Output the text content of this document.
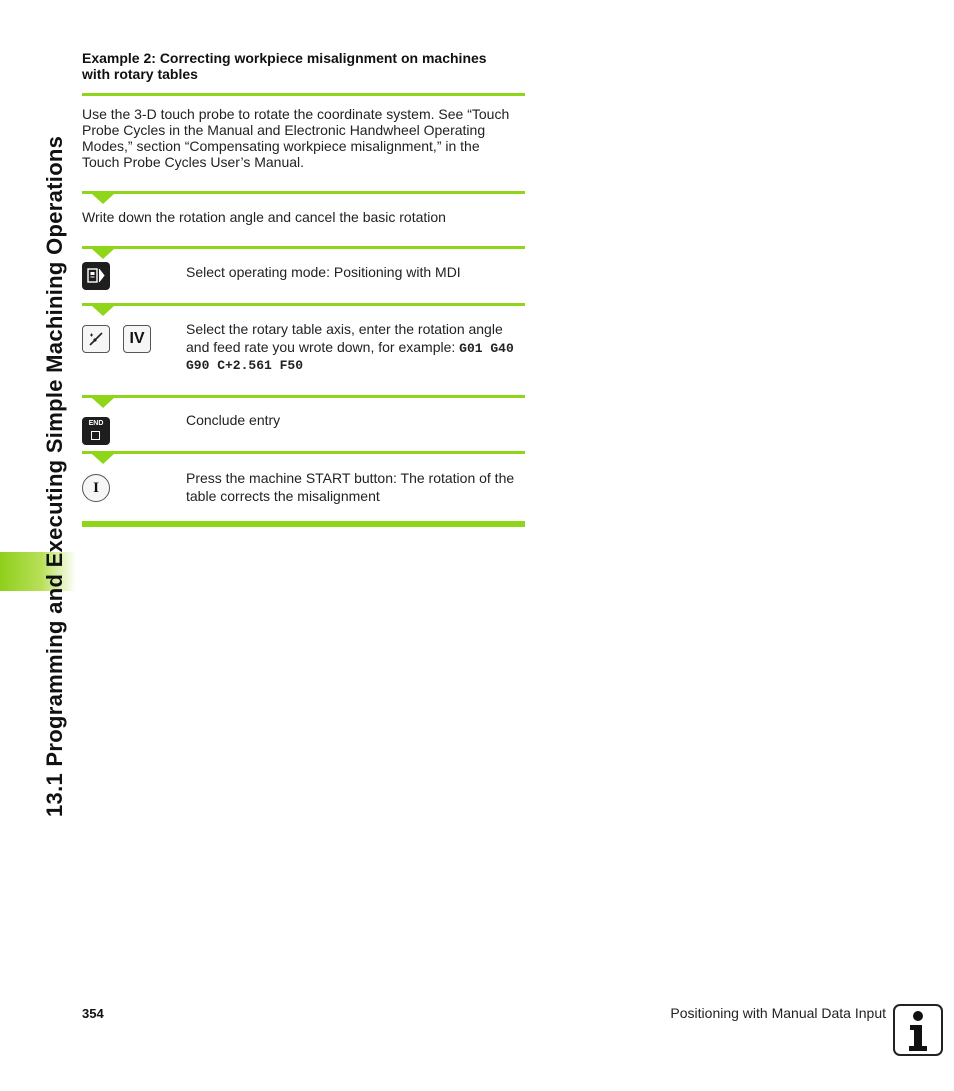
13.1 Programming and Executing Simple Machining Operations
Example 2: Correcting workpiece misalignment on machines
with rotary tables
Use the 3-D touch probe to rotate the coordinate system. See “Touch
Probe Cycles in the Manual and Electronic Handwheel Operating
Modes,” section “Compensating workpiece misalignment,” in the
Touch Probe Cycles User’s Manual.
Write down the rotation angle and cancel the basic rotation
Select operating mode: Positioning with MDI
IV
Select the rotary table axis, enter the rotation angle
and feed rate you wrote down, for example: G01 G40
G90 C+2.561 F50
END	Conclude entry
I
Press the machine START button: The rotation of the
table corrects the misalignment
354	Positioning with Manual Data Input
